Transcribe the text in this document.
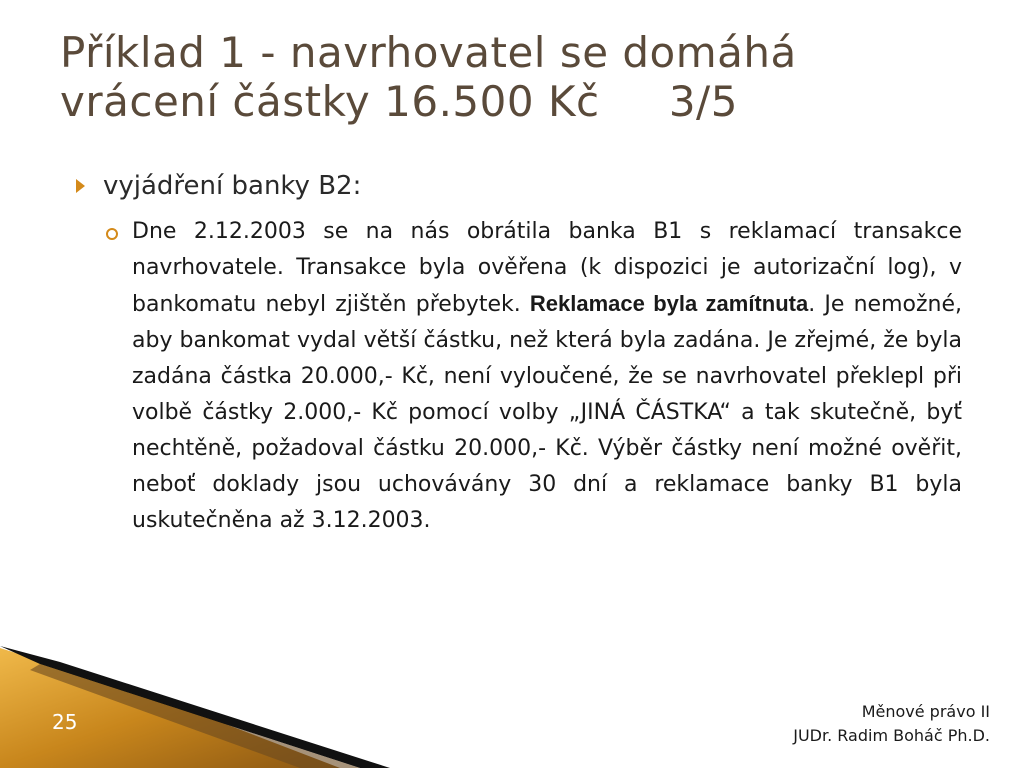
Příklad 1 - navrhovatel se domáhá
vrácení částky 16.500 Kč     3/5
vyjádření banky B2:

Dne 2.12.2003 se na nás obrátila banka B1 s reklamací transakce navrhovatele. Transakce byla ověřena (k dispozici je autorizační log), v bankomatu nebyl zjištěn přebytek. Reklamace byla zamítnuta. Je nemožné, aby bankomat vydal větší částku, než která byla zadána. Je zřejmé, že byla zadána částka 20.000,- Kč, není vyloučené, že se navrhovatel překlepl při volbě částky 2.000,- Kč pomocí volby „JINÁ ČÁSTKA“ a tak skutečně, byť nechtěně, požadoval částku 20.000,- Kč. Výběr částky není možné ověřit, neboť doklady jsou uchovávány 30 dní a reklamace banky B1 byla uskutečněna až 3.12.2003.

25	Měnové právo II
JUDr. Radim Boháč Ph.D.
